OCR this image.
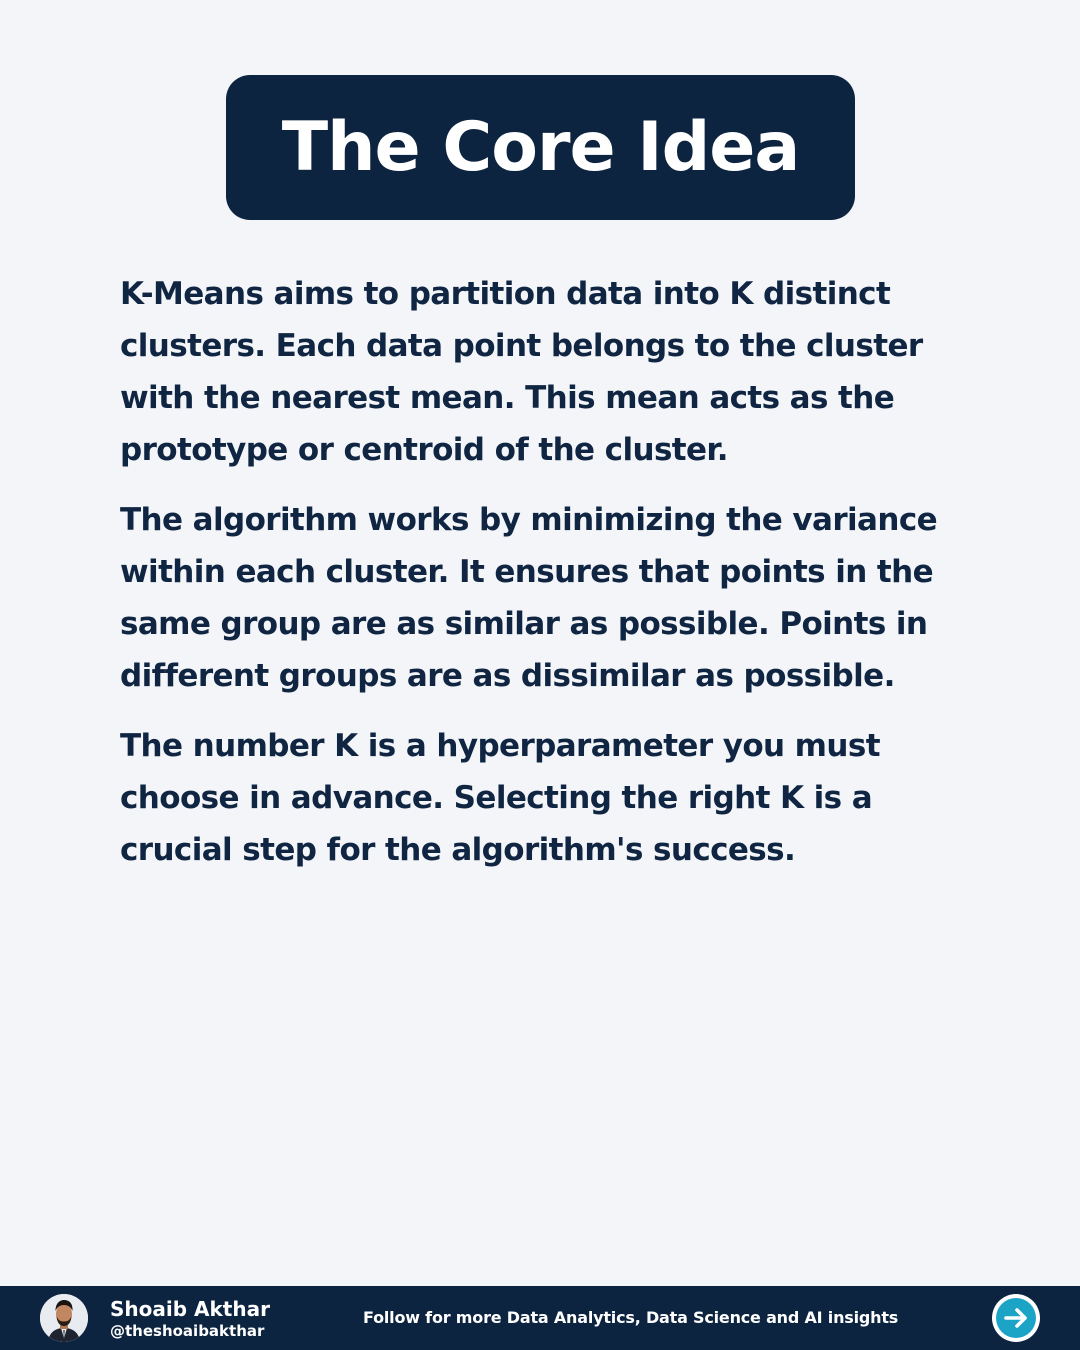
The Core Idea

K-Means aims to partition data into K distinct clusters. Each data point belongs to the cluster with the nearest mean. This mean acts as the prototype or centroid of the cluster.

The algorithm works by minimizing the variance within each cluster. It ensures that points in the same group are as similar as possible. Points in different groups are as dissimilar as possible.

The number K is a hyperparameter you must choose in advance. Selecting the right K is a crucial step for the algorithm's success.

Shoaib Akthar
@theshoaibakthar
Follow for more Data Analytics, Data Science and AI insights
